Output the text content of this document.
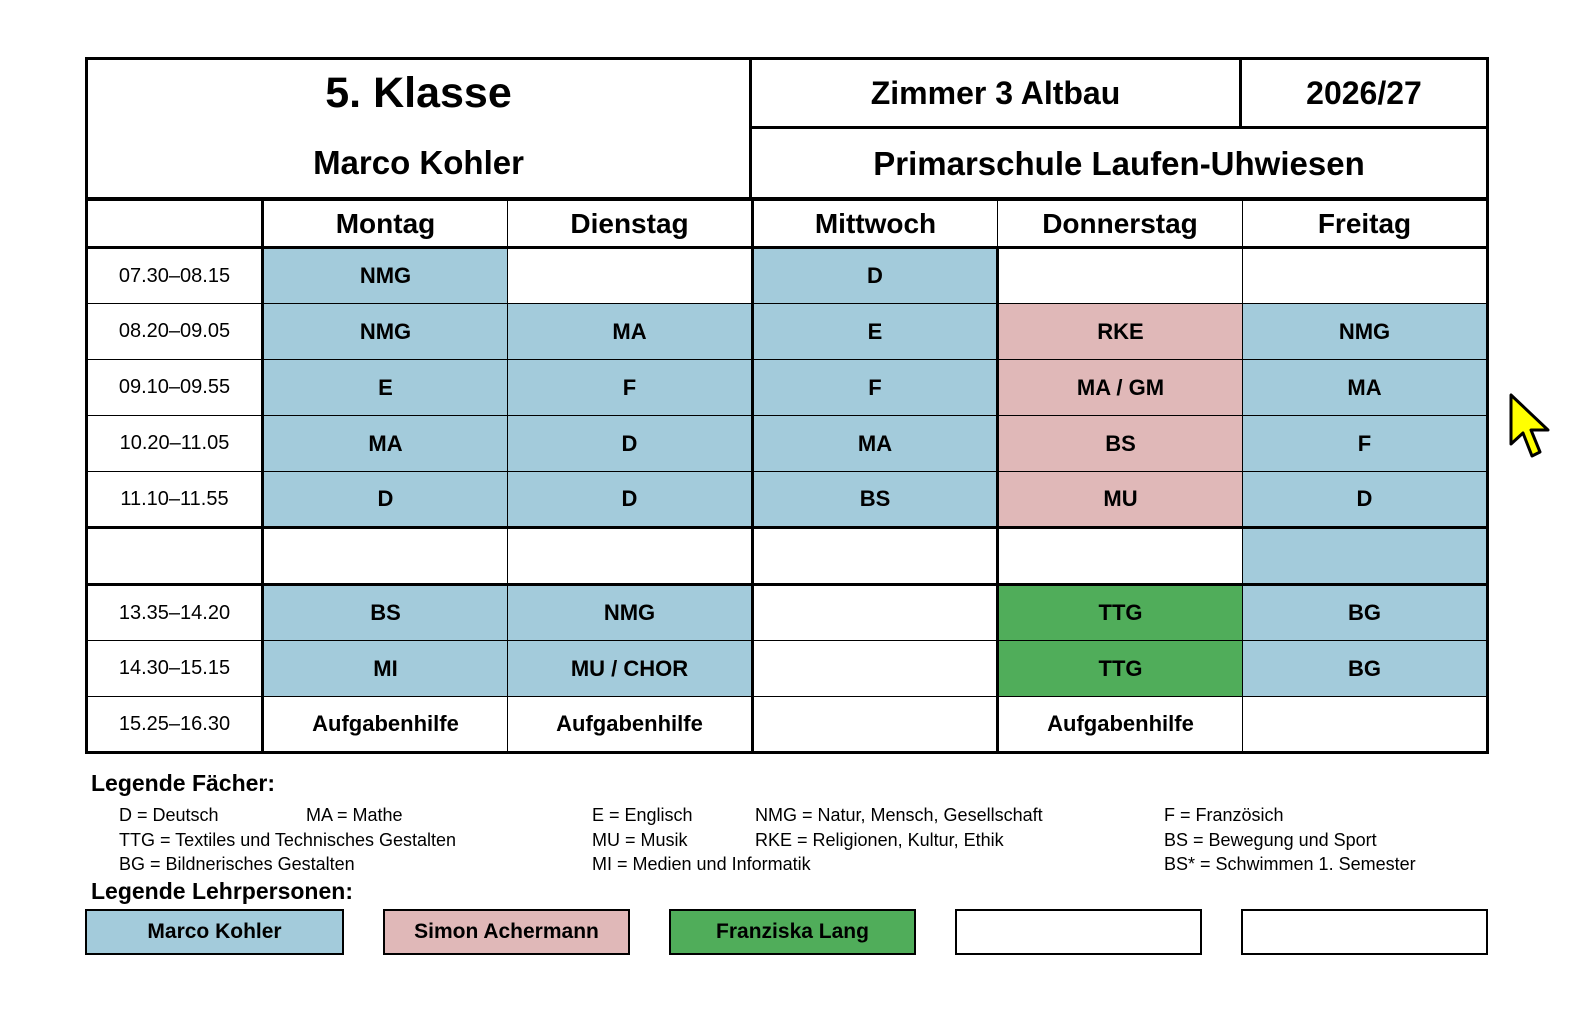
5. Klasse
Marco Kohler
Zimmer 3 Altbau	2026/27
Primarschule Laufen-Uhwiesen
	Montag	Dienstag	Mittwoch	Donnerstag	Freitag
07.30–08.15	NMG		D		
08.20–09.05	NMG	MA	E	RKE	NMG
09.10–09.55	E	F	F	MA / GM	MA
10.20–11.05	MA	D	MA	BS	F
11.10–11.55	D	D	BS	MU	D

13.35–14.20	BS	NMG		TTG	BG
14.30–15.15	MI	MU / CHOR		TTG	BG
15.25–16.30	Aufgabenhilfe	Aufgabenhilfe		Aufgabenhilfe	
Legende Fächer:
D = Deutsch	MA = Mathe	E = Englisch	NMG = Natur, Mensch, Gesellschaft	F = Französich
TTG = Textiles und Technisches Gestalten	MU = Musik	RKE = Religionen, Kultur, Ethik	BS = Bewegung und Sport
BG = Bildnerisches Gestalten	MI = Medien und Informatik	BS* = Schwimmen 1. Semester
Legende Lehrpersonen:
Marco Kohler	Simon Achermann	Franziska Lang
